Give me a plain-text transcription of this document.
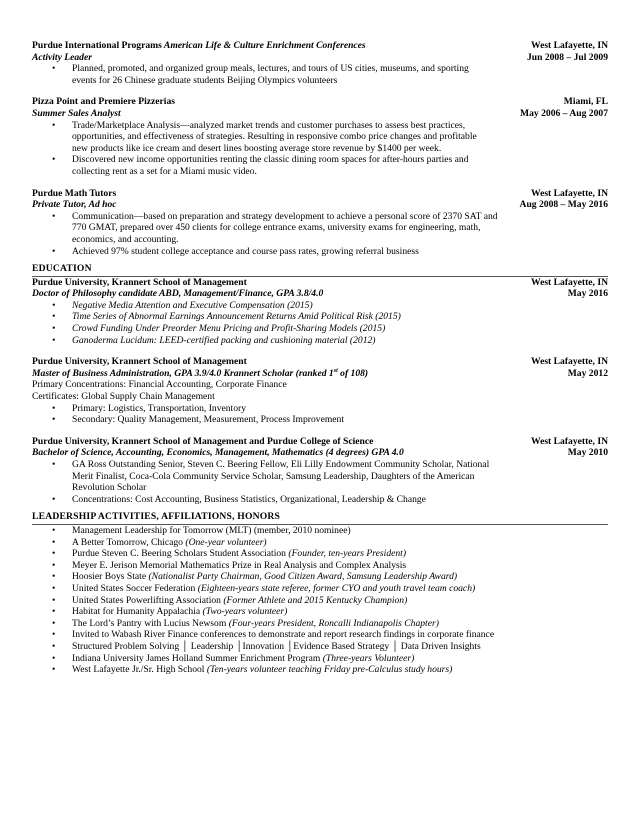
Purdue International Programs American Life & Culture Enrichment Conferences	West Lafayette, IN
Activity Leader	Jun 2008 – Jul 2009
• Planned, promoted, and organized group meals, lectures, and tours of US cities, museums, and sporting events for 26 Chinese graduate students Beijing Olympics volunteers
Pizza Point and Premiere Pizzerias	Miami, FL
Summer Sales Analyst	May 2006 – Aug 2007
• Trade/Marketplace Analysis—analyzed market trends and customer purchases to assess best practices, opportunities, and effectiveness of strategies. Resulting in responsive combo price changes and profitable new products like ice cream and desert lines boosting average store revenue by $1400 per week.
• Discovered new income opportunities renting the classic dining room spaces for after-hours parties and collecting rent as a set for a Miami music video.
Purdue Math Tutors	West Lafayette, IN
Private Tutor, Ad hoc	Aug 2008 – May 2016
• Communication—based on preparation and strategy development to achieve a personal score of 2370 SAT and 770 GMAT, prepared over 450 clients for college entrance exams, university exams for engineering, math, economics, and accounting.
• Achieved 97% student college acceptance and course pass rates, growing referral business
EDUCATION
Purdue University, Krannert School of Management	West Lafayette, IN
Doctor of Philosophy candidate ABD, Management/Finance, GPA 3.8/4.0	May 2016
• Negative Media Attention and Executive Compensation (2015)
• Time Series of Abnormal Earnings Announcement Returns Amid Political Risk (2015)
• Crowd Funding Under Preorder Menu Pricing and Profit-Sharing Models (2015)
• Ganoderma Lucidum: LEED-certified packing and cushioning material (2012)
Purdue University, Krannert School of Management	West Lafayette, IN
Master of Business Administration, GPA 3.9/4.0 Krannert Scholar (ranked 1st of 108)	May 2012
Primary Concentrations: Financial Accounting, Corporate Finance
Certificates: Global Supply Chain Management
• Primary: Logistics, Transportation, Inventory
• Secondary: Quality Management, Measurement, Process Improvement
Purdue University, Krannert School of Management and Purdue College of Science	West Lafayette, IN
Bachelor of Science, Accounting, Economics, Management, Mathematics (4 degrees) GPA 4.0	May 2010
• GA Ross Outstanding Senior, Steven C. Beering Fellow, Eli Lilly Endowment Community Scholar, National Merit Finalist, Coca-Cola Community Service Scholar, Samsung Leadership, Daughters of the American Revolution Scholar
• Concentrations: Cost Accounting, Business Statistics, Organizational, Leadership & Change
LEADERSHIP ACTIVITIES, AFFILIATIONS, HONORS
• Management Leadership for Tomorrow (MLT) (member, 2010 nominee)
• A Better Tomorrow, Chicago (One-year volunteer)
• Purdue Steven C. Beering Scholars Student Association (Founder, ten-years President)
• Meyer E. Jerison Memorial Mathematics Prize in Real Analysis and Complex Analysis
• Hoosier Boys State (Nationalist Party Chairman, Good Citizen Award, Samsung Leadership Award)
• United States Soccer Federation (Eighteen-years state referee, former CYO and youth travel team coach)
• United States Powerlifting Association (Former Athlete and 2015 Kentucky Champion)
• Habitat for Humanity Appalachia (Two-years volunteer)
• The Lord’s Pantry with Lucius Newsom (Four-years President, Roncalli Indianapolis Chapter)
• Invited to Wabash River Finance conferences to demonstrate and report research findings in corporate finance
• Structured Problem Solving │ Leadership │Innovation │Evidence Based Strategy │ Data Driven Insights
• Indiana University James Holland Summer Enrichment Program (Three-years Volunteer)
• West Lafayette Jr./Sr. High School (Ten-years volunteer teaching Friday pre-Calculus study hours)
